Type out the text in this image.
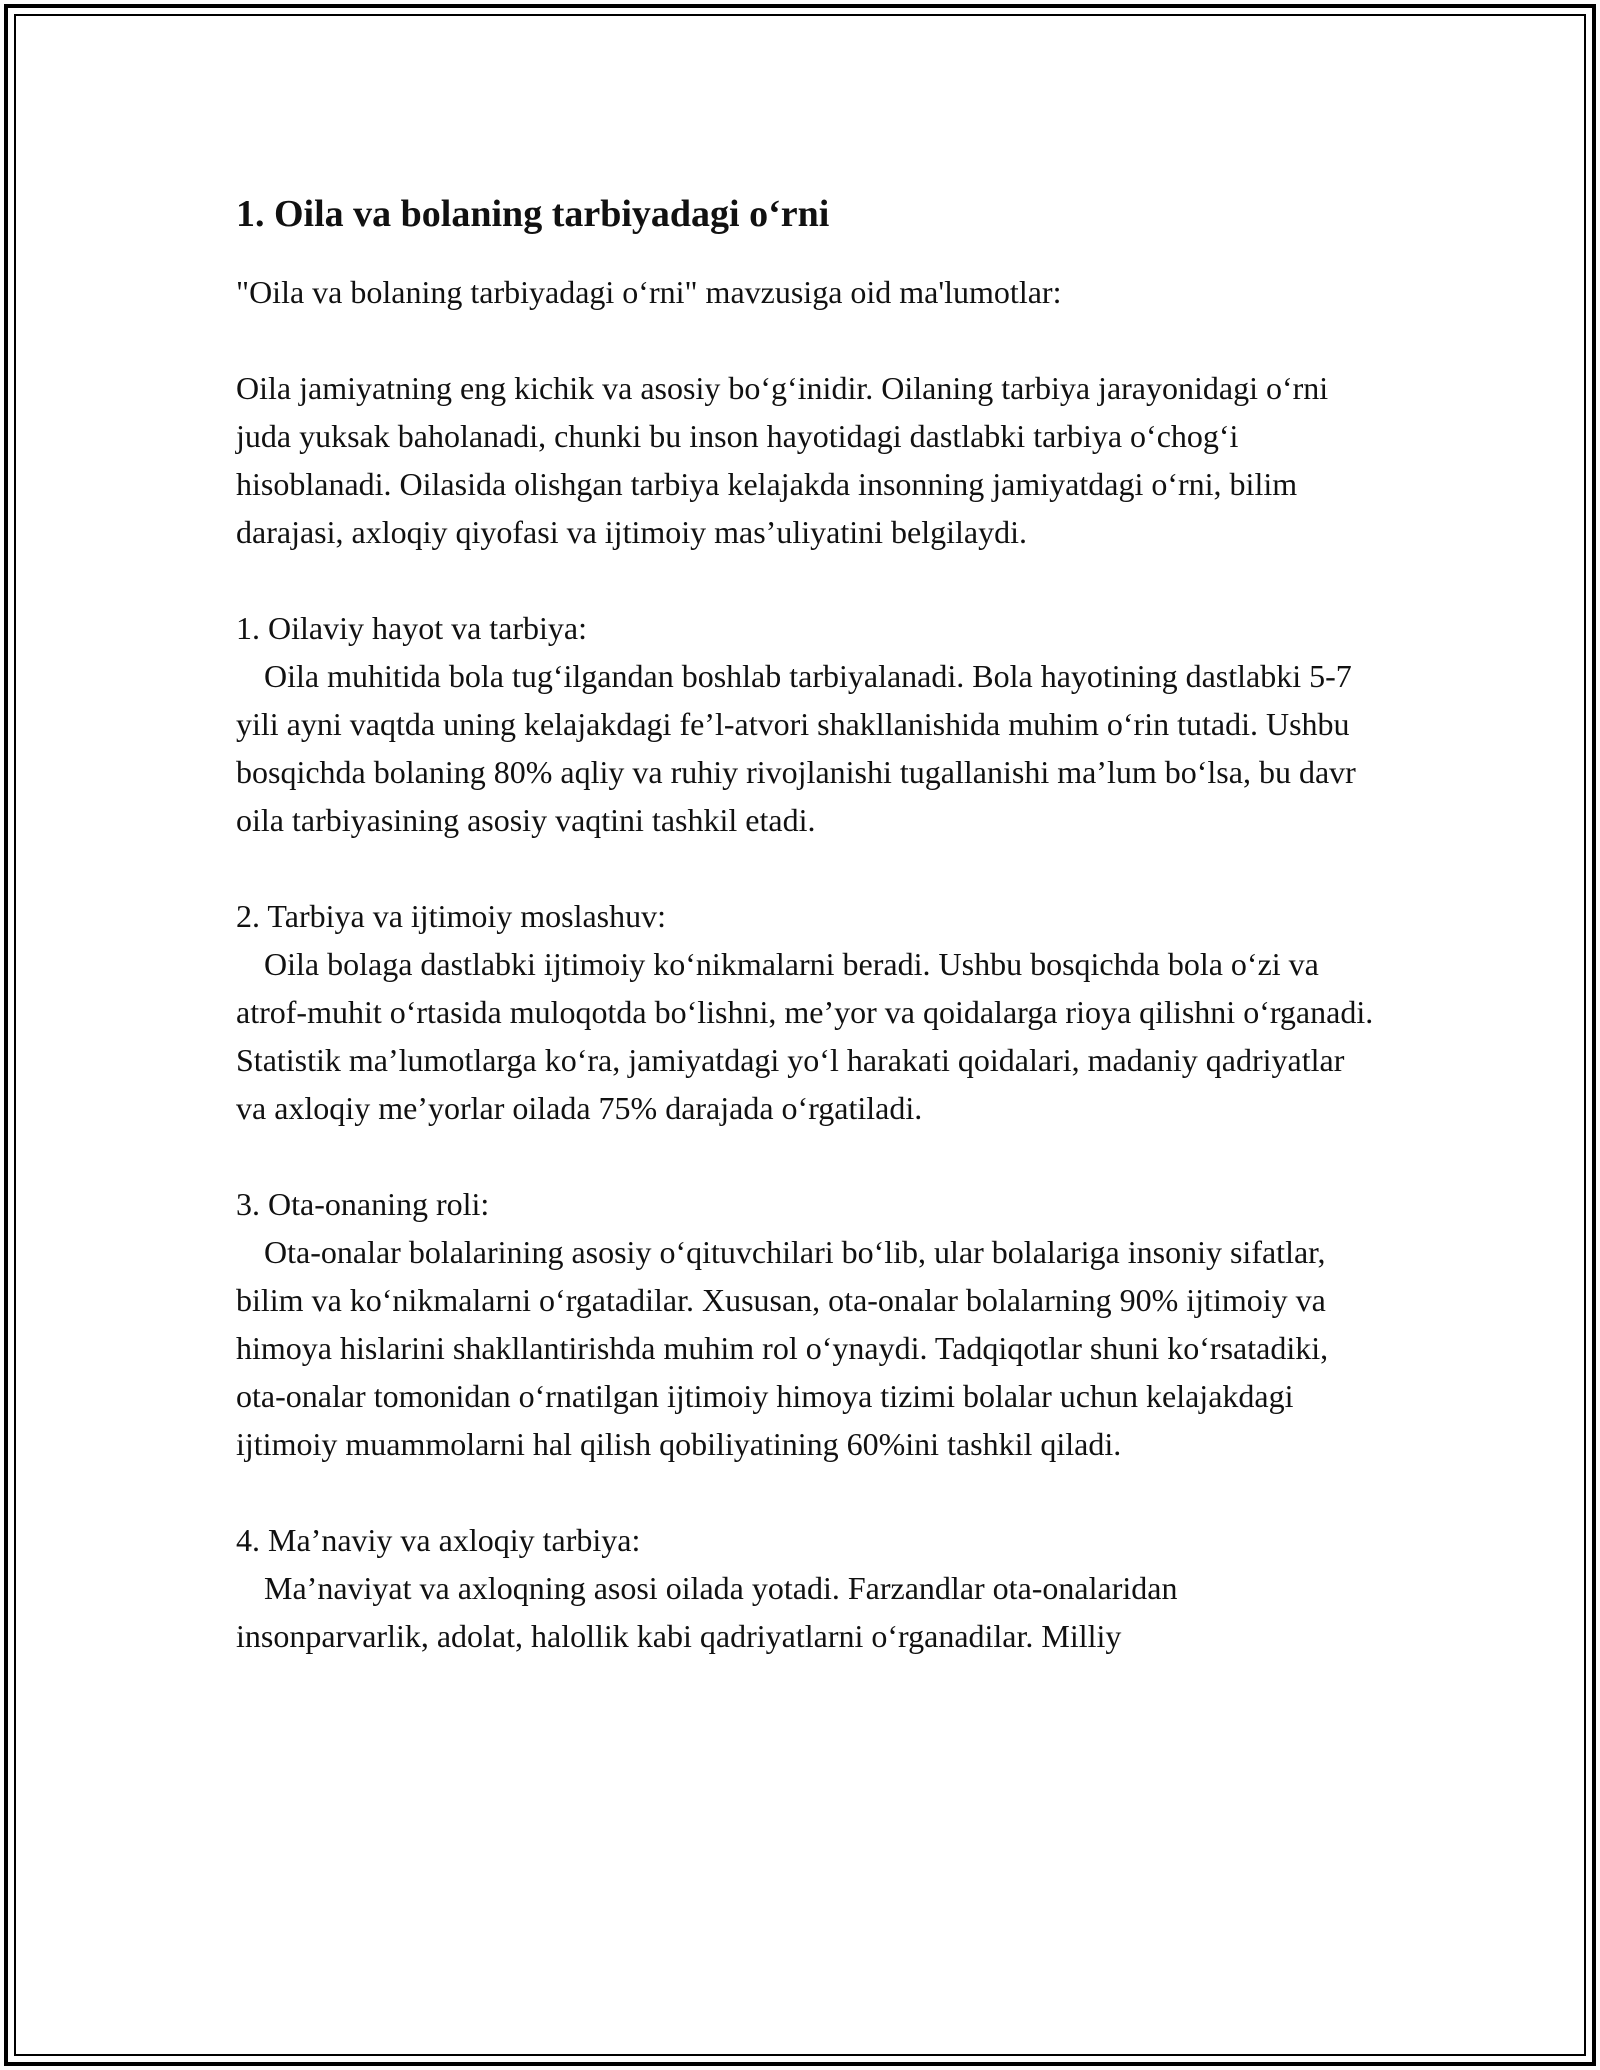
1. Oila va bolaning tarbiyadagi o‘rni

"Oila va bolaning tarbiyadagi o‘rni" mavzusiga oid ma'lumotlar:

Oila jamiyatning eng kichik va asosiy bo‘g‘inidir. Oilaning tarbiya jarayonidagi o‘rni juda yuksak baholanadi, chunki bu inson hayotidagi dastlabki tarbiya o‘chog‘i hisoblanadi. Oilasida olishgan tarbiya kelajakda insonning jamiyatdagi o‘rni, bilim darajasi, axloqiy qiyofasi va ijtimoiy mas’uliyatini belgilaydi.

1. Oilaviy hayot va tarbiya:

Oila muhitida bola tug‘ilgandan boshlab tarbiyalanadi. Bola hayotining dastlabki 5-7 yili ayni vaqtda uning kelajakdagi fe’l-atvori shakllanishida muhim o‘rin tutadi. Ushbu bosqichda bolaning 80% aqliy va ruhiy rivojlanishi tugallanishi ma’lum bo‘lsa, bu davr oila tarbiyasining asosiy vaqtini tashkil etadi.

2. Tarbiya va ijtimoiy moslashuv:

Oila bolaga dastlabki ijtimoiy ko‘nikmalarni beradi. Ushbu bosqichda bola o‘zi va atrof-muhit o‘rtasida muloqotda bo‘lishni, me’yor va qoidalarga rioya qilishni o‘rganadi. Statistik ma’lumotlarga ko‘ra, jamiyatdagi yo‘l harakati qoidalari, madaniy qadriyatlar va axloqiy me’yorlar oilada 75% darajada o‘rgatiladi.

3. Ota-onaning roli:

Ota-onalar bolalarining asosiy o‘qituvchilari bo‘lib, ular bolalariga insoniy sifatlar, bilim va ko‘nikmalarni o‘rgatadilar. Xususan, ota-onalar bolalarning 90% ijtimoiy va himoya hislarini shakllantirishda muhim rol o‘ynaydi. Tadqiqotlar shuni ko‘rsatadiki, ota-onalar tomonidan o‘rnatilgan ijtimoiy himoya tizimi bolalar uchun kelajakdagi ijtimoiy muammolarni hal qilish qobiliyatining 60%ini tashkil qiladi.

4. Ma’naviy va axloqiy tarbiya:

Ma’naviyat va axloqning asosi oilada yotadi. Farzandlar ota-onalaridan insonparvarlik, adolat, halollik kabi qadriyatlarni o‘rganadilar. Milliy
